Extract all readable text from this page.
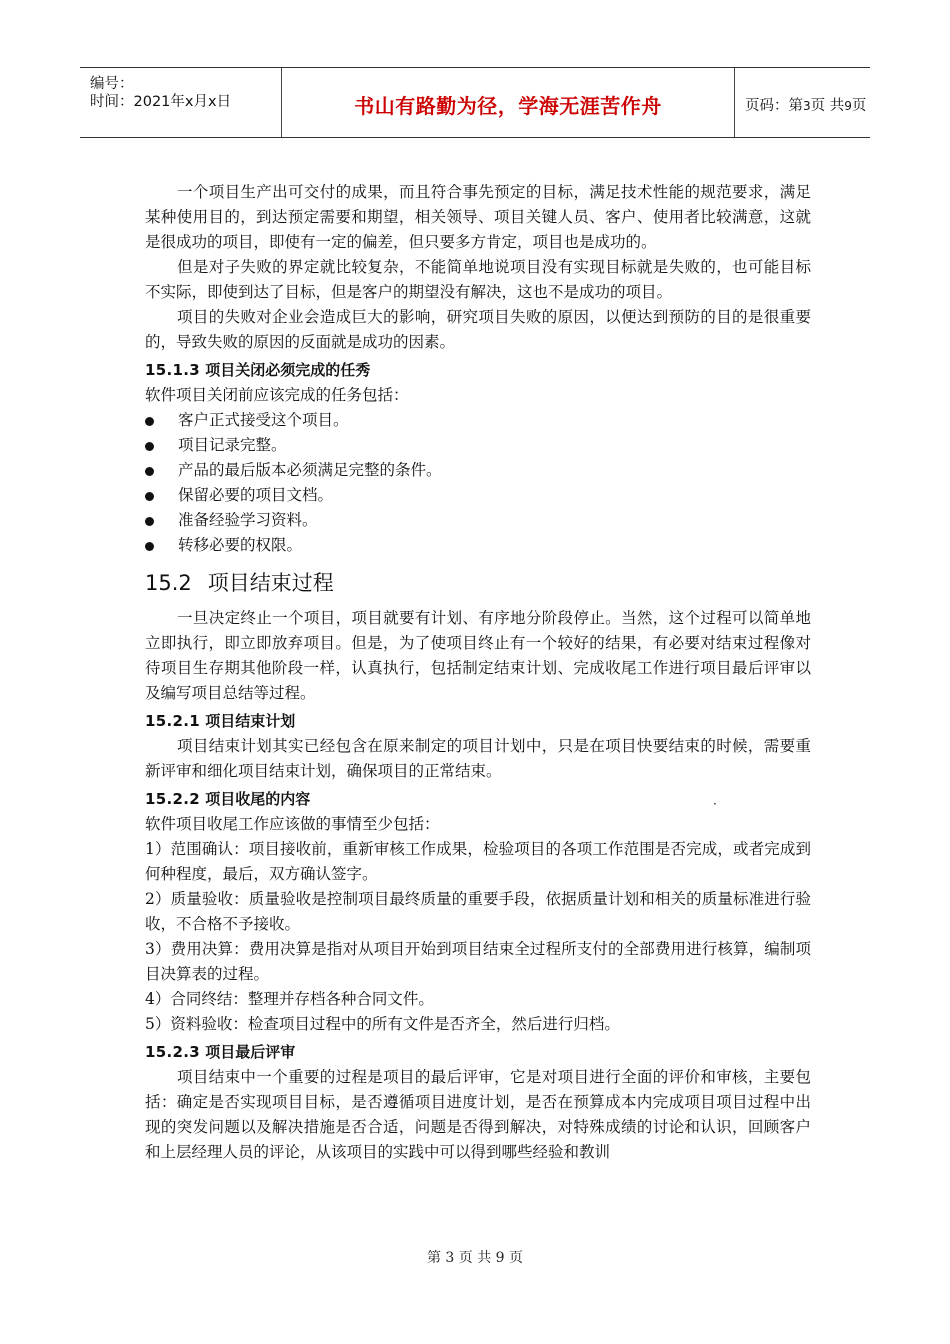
编号：
时间：2021年x月x日	书山有路勤为径，学海无涯苦作舟	页码：第3页 共9页

一个项目生产出可交付的成果，而且符合事先预定的目标，满足技术性能的规范要求，满足某种使用目的，到达预定需要和期望，相关领导、项目关键人员、客户、使用者比较满意，这就是很成功的项目，即使有一定的偏差，但只要多方肯定，项目也是成功的。

但是对子失败的界定就比较复杂，不能简单地说项目没有实现目标就是失败的，也可能目标不实际，即使到达了目标，但是客户的期望没有解决，这也不是成功的项目。

项目的失败对企业会造成巨大的影响，研究项目失败的原因，以便达到预防的目的是很重要的，导致失败的原因的反面就是成功的因素。

15.1.3 项目关闭必须完成的任秀

软件项目关闭前应该完成的任务包括：

客户正式接受这个项目。
项目记录完整。
产品的最后版本必须满足完整的条件。
保留必要的项目文档。
准备经验学习资料。
转移必要的权限。
15.2 项目结束过程

一旦决定终止一个项目，项目就要有计划、有序地分阶段停止。当然，这个过程可以简单地立即执行，即立即放弃项目。但是，为了使项目终止有一个较好的结果，有必要对结束过程像对待项目生存期其他阶段一样，认真执行，包括制定结束计划、完成收尾工作进行项目最后评审以及编写项目总结等过程。

15.2.1 项目结束计划

项目结束计划其实已经包含在原来制定的项目计划中，只是在项目快要结束的时候，需要重新评审和细化项目结束计划，确保项目的正常结束。

15.2.2 项目收尾的内容

软件项目收尾工作应该做的事情至少包括：

1）范围确认：项目接收前，重新审核工作成果，检验项目的各项工作范围是否完成，或者完成到何种程度，最后，双方确认签字。

2）质量验收：质量验收是控制项目最终质量的重要手段，依据质量计划和相关的质量标准进行验收，不合格不予接收。

3）费用决算：费用决算是指对从项目开始到项目结束全过程所支付的全部费用进行核算，编制项目决算表的过程。

4）合同终结：整理并存档各种合同文件。

5）资料验收：检查项目过程中的所有文件是否齐全，然后进行归档。

15.2.3 项目最后评审

项目结束中一个重要的过程是项目的最后评审，它是对项目进行全面的评价和审核，主要包括：确定是否实现项目目标，是否遵循项目进度计划，是否在预算成本内完成项目项目过程中出现的突发问题以及解决措施是否合适，问题是否得到解决，对特殊成绩的讨论和认识，回顾客户和上层经理人员的评论，从该项目的实践中可以得到哪些经验和教训

·
第 3 页 共 9 页
